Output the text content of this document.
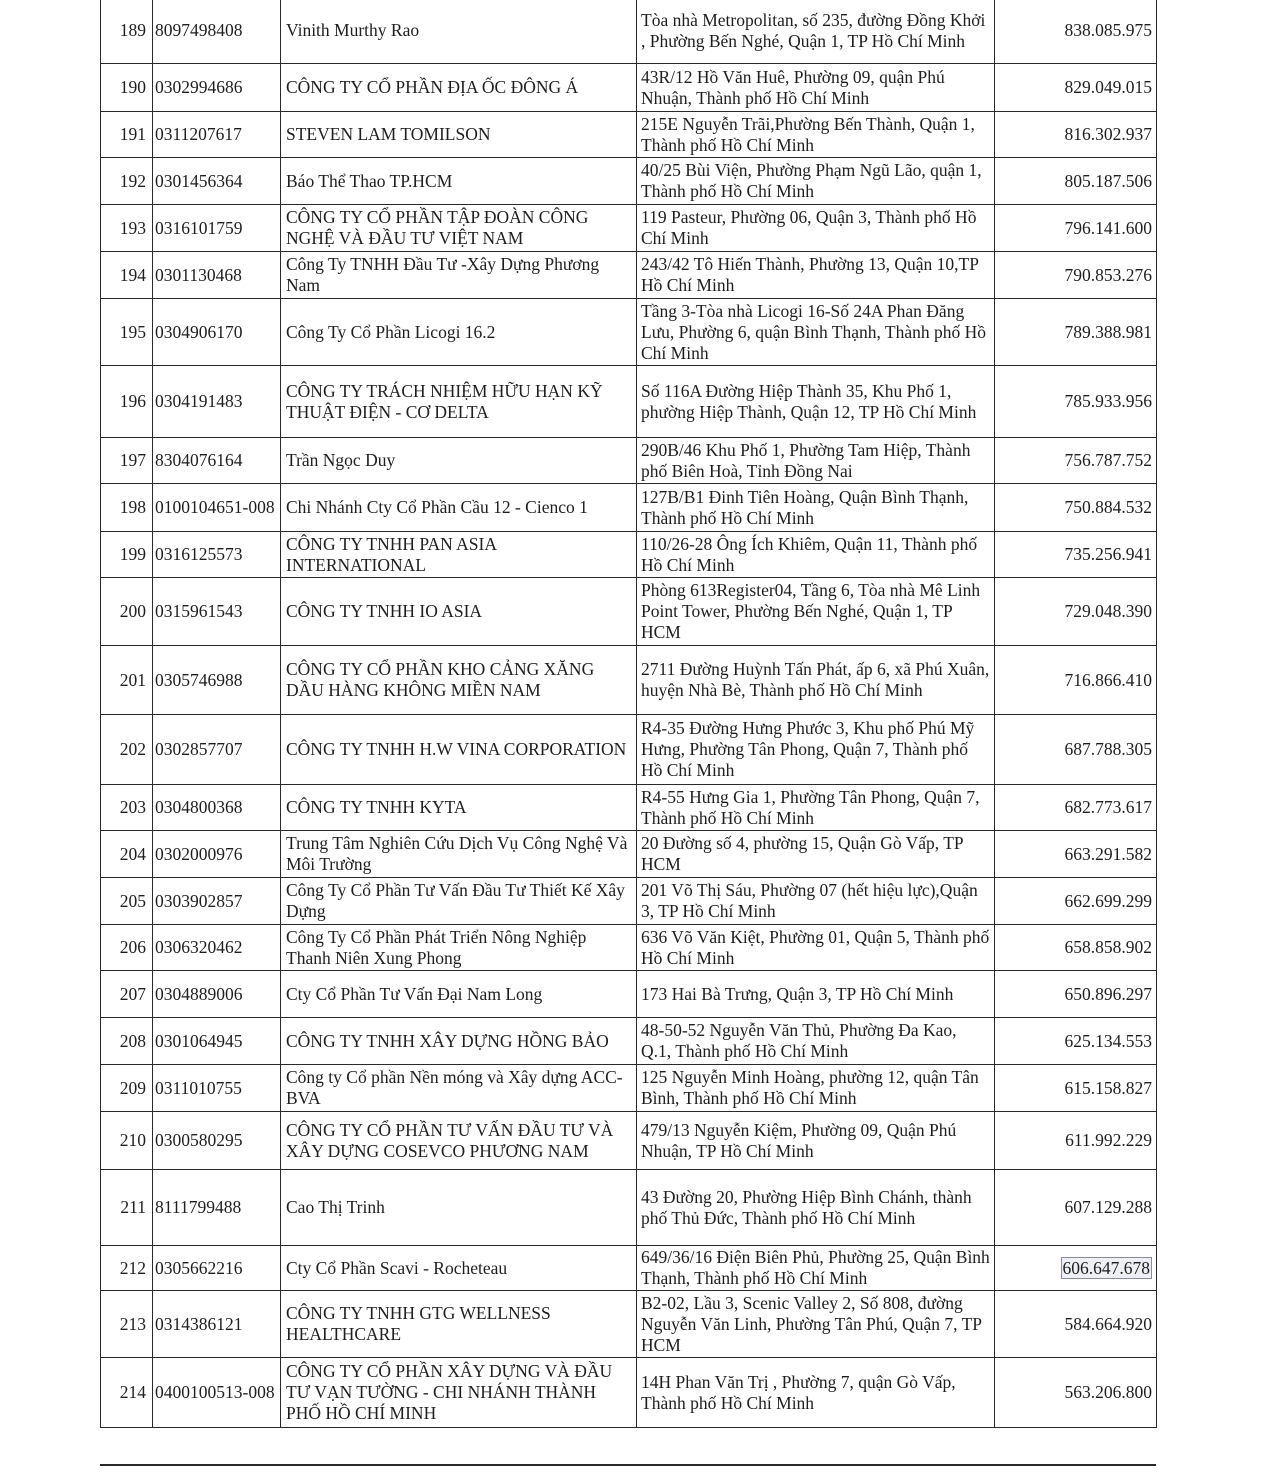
189	8097498408	Vinith Murthy Rao	Tòa nhà Metropolitan, số 235, đường Đồng Khởi , Phường Bến Nghé, Quận 1, TP Hồ Chí Minh	838.085.975
190	0302994686	CÔNG TY CỔ PHẦN ĐỊA ỐC ĐÔNG Á	43R/12 Hồ Văn Huê, Phường 09, quận Phú Nhuận, Thành phố Hồ Chí Minh	829.049.015
191	0311207617	STEVEN LAM TOMILSON	215E Nguyễn Trãi,Phường Bến Thành, Quận 1, Thành phố Hồ Chí Minh	816.302.937
192	0301456364	Báo Thể Thao TP.HCM	40/25 Bùi Viện, Phường Phạm Ngũ Lão, quận 1, Thành phố Hồ Chí Minh	805.187.506
193	0316101759	CÔNG TY CỔ PHẦN TẬP ĐOÀN CÔNG NGHỆ VÀ ĐẦU TƯ VIỆT NAM	119 Pasteur, Phường 06, Quận 3, Thành phố Hồ Chí Minh	796.141.600
194	0301130468	Công Ty TNHH Đầu Tư -Xây Dựng Phương Nam	243/42 Tô Hiến Thành, Phường 13, Quận 10,TP Hồ Chí Minh	790.853.276
195	0304906170	Công Ty Cổ Phần Licogi 16.2	Tầng 3-Tòa nhà Licogi 16-Số 24A Phan Đăng Lưu, Phường 6, quận Bình Thạnh, Thành phố Hồ Chí Minh	789.388.981
196	0304191483	CÔNG TY TRÁCH NHIỆM HỮU HẠN KỸ THUẬT ĐIỆN - CƠ DELTA	Số 116A Đường Hiệp Thành 35, Khu Phố 1, phường Hiệp Thành, Quận 12, TP Hồ Chí Minh	785.933.956
197	8304076164	Trần Ngọc Duy	290B/46 Khu Phố 1, Phường Tam Hiệp, Thành phố Biên Hoà, Tỉnh Đồng Nai	756.787.752
198	0100104651-008	Chi Nhánh Cty Cổ Phần Cầu 12 - Cienco 1	127B/B1 Đinh Tiên Hoàng, Quận Bình Thạnh, Thành phố Hồ Chí Minh	750.884.532
199	0316125573	CÔNG TY TNHH PAN ASIA INTERNATIONAL	110/26-28 Ông Ích Khiêm, Quận 11, Thành phố Hồ Chí Minh	735.256.941
200	0315961543	CÔNG TY TNHH IO ASIA	Phòng 613Register04, Tầng 6, Tòa nhà Mê Linh Point Tower, Phường Bến Nghé, Quận 1, TP HCM	729.048.390
201	0305746988	CÔNG TY CỔ PHẦN KHO CẢNG XĂNG DẦU HÀNG KHÔNG MIỀN NAM	2711 Đường Huỳnh Tấn Phát, ấp 6, xã Phú Xuân, huyện Nhà Bè, Thành phố Hồ Chí Minh	716.866.410
202	0302857707	CÔNG TY TNHH H.W VINA CORPORATION	R4-35 Đường Hưng Phước 3, Khu phố Phú Mỹ Hưng, Phường Tân Phong, Quận 7, Thành phố Hồ Chí Minh	687.788.305
203	0304800368	CÔNG TY TNHH KYTA	R4-55 Hưng Gia 1, Phường Tân Phong, Quận 7, Thành phố Hồ Chí Minh	682.773.617
204	0302000976	Trung Tâm Nghiên Cứu Dịch Vụ Công Nghệ Và Môi Trường	20 Đường số 4, phường 15, Quận Gò Vấp, TP HCM	663.291.582
205	0303902857	Công Ty Cổ Phần Tư Vấn Đầu Tư Thiết Kế Xây Dựng	201 Võ Thị Sáu, Phường 07 (hết hiệu lực),Quận 3, TP Hồ Chí Minh	662.699.299
206	0306320462	Công Ty Cổ Phần Phát Triển Nông Nghiệp Thanh Niên Xung Phong	636 Võ Văn Kiệt, Phường 01, Quận 5, Thành phố Hồ Chí Minh	658.858.902
207	0304889006	Cty Cổ Phần Tư Vấn Đại Nam Long	173 Hai Bà Trưng, Quận 3, TP Hồ Chí Minh	650.896.297
208	0301064945	CÔNG TY TNHH XÂY DỰNG HỒNG BẢO	48-50-52 Nguyễn Văn Thủ, Phường Đa Kao, Q.1, Thành phố Hồ Chí Minh	625.134.553
209	0311010755	Công ty Cổ phần Nền móng và Xây dựng ACC-BVA	125 Nguyễn Minh Hoàng, phường 12, quận Tân Bình, Thành phố Hồ Chí Minh	615.158.827
210	0300580295	CÔNG TY CỔ PHẦN TƯ VẤN ĐẦU TƯ VÀ XÂY DỰNG COSEVCO PHƯƠNG NAM	479/13 Nguyễn Kiệm, Phường 09, Quận Phú Nhuận, TP Hồ Chí Minh	611.992.229
211	8111799488	Cao Thị Trinh	43 Đường 20, Phường Hiệp Bình Chánh, thành phố Thủ Đức, Thành phố Hồ Chí Minh	607.129.288
212	0305662216	Cty Cổ Phần Scavi - Rocheteau	649/36/16 Điện Biên Phủ, Phường 25, Quận Bình Thạnh, Thành phố Hồ Chí Minh	606.647.678
213	0314386121	CÔNG TY TNHH GTG WELLNESS HEALTHCARE	B2-02, Lầu 3, Scenic Valley 2, Số 808, đường Nguyễn Văn Linh, Phường Tân Phú, Quận 7, TP HCM	584.664.920
214	0400100513-008	CÔNG TY CỔ PHẦN XÂY DỰNG VÀ ĐẦU TƯ VẠN TƯỜNG - CHI NHÁNH THÀNH PHỐ HỒ CHÍ MINH	14H Phan Văn Trị , Phường 7, quận Gò Vấp, Thành phố Hồ Chí Minh	563.206.800
